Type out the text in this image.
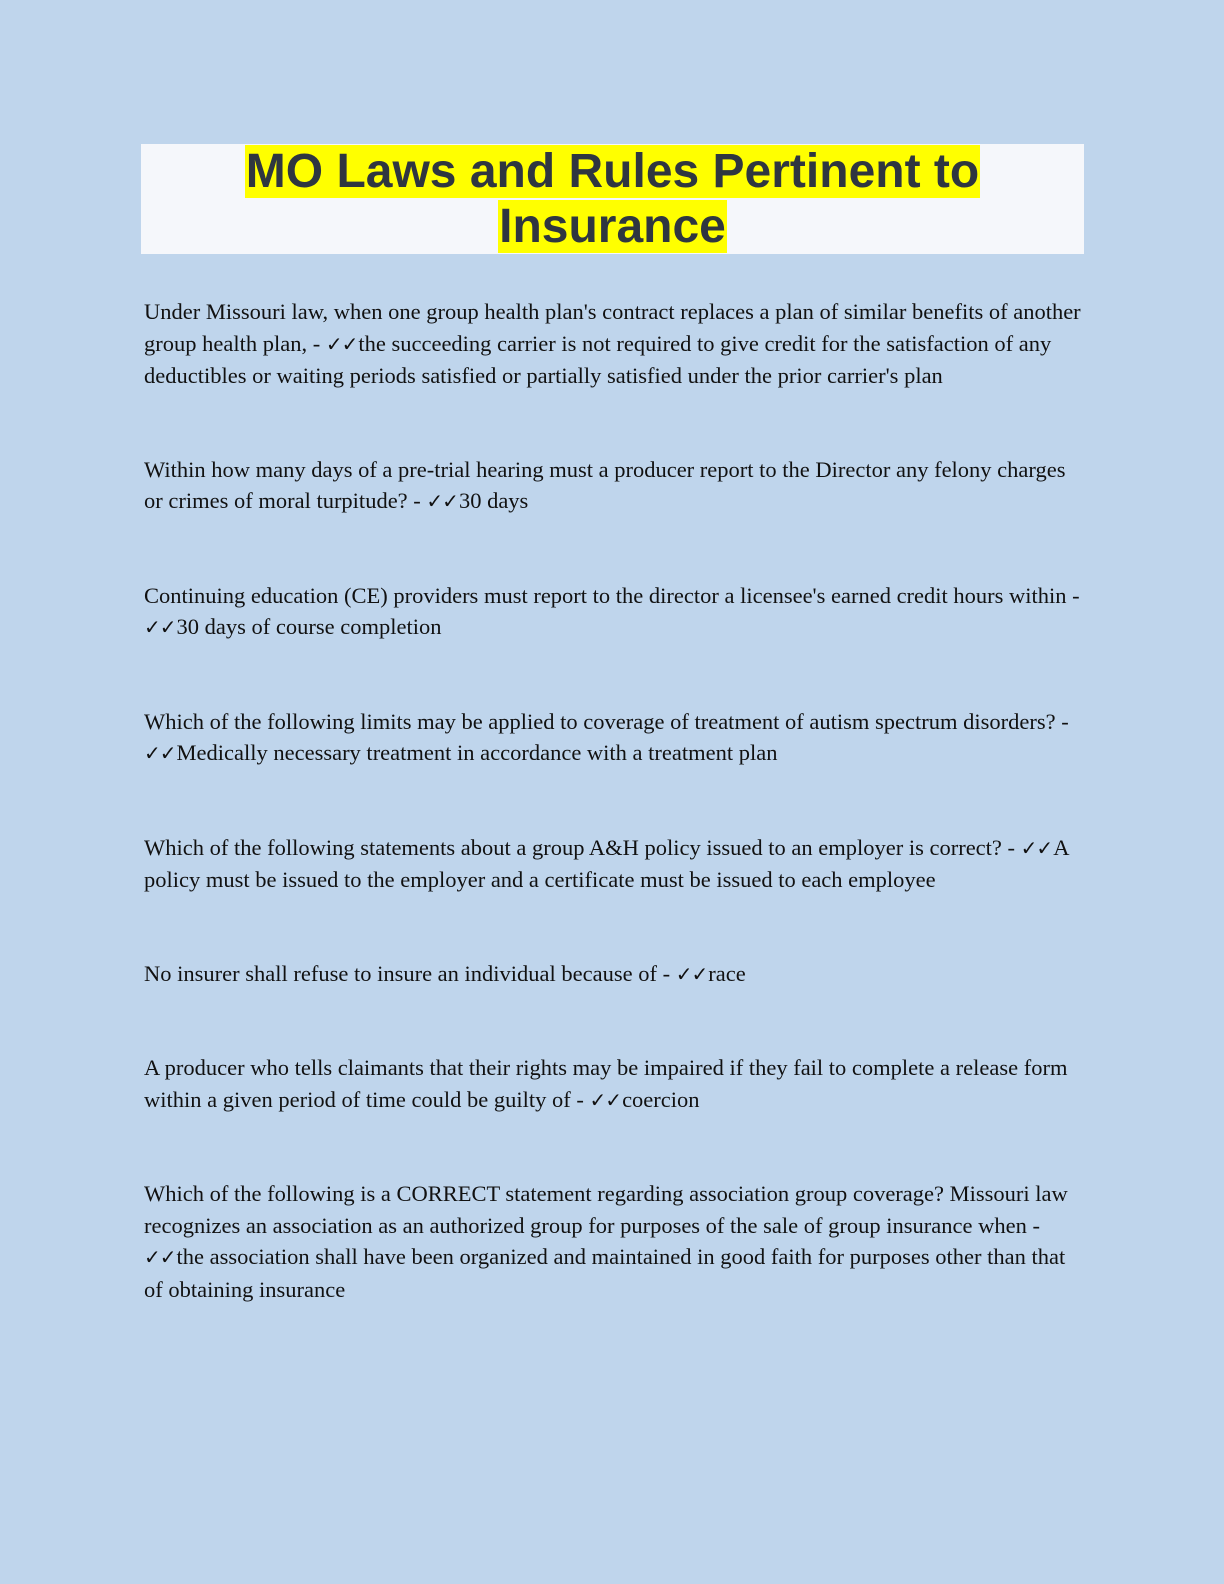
MO Laws and Rules Pertinent to
Insurance

Under Missouri law, when one group health plan's contract replaces a plan of similar benefits of another group health plan, - ✓✓the succeeding carrier is not required to give credit for the satisfaction of any deductibles or waiting periods satisfied or partially satisfied under the prior carrier's plan

Within how many days of a pre-trial hearing must a producer report to the Director any felony charges or crimes of moral turpitude? - ✓✓30 days

Continuing education (CE) providers must report to the director a licensee's earned credit hours within - ✓✓30 days of course completion

Which of the following limits may be applied to coverage of treatment of autism spectrum disorders? - ✓✓Medically necessary treatment in accordance with a treatment plan

Which of the following statements about a group A&H policy issued to an employer is correct? - ✓✓A policy must be issued to the employer and a certificate must be issued to each employee

No insurer shall refuse to insure an individual because of - ✓✓race

A producer who tells claimants that their rights may be impaired if they fail to complete a release form within a given period of time could be guilty of - ✓✓coercion

Which of the following is a CORRECT statement regarding association group coverage? Missouri law recognizes an association as an authorized group for purposes of the sale of group insurance when - ✓✓the association shall have been organized and maintained in good faith for purposes other than that of obtaining insurance
